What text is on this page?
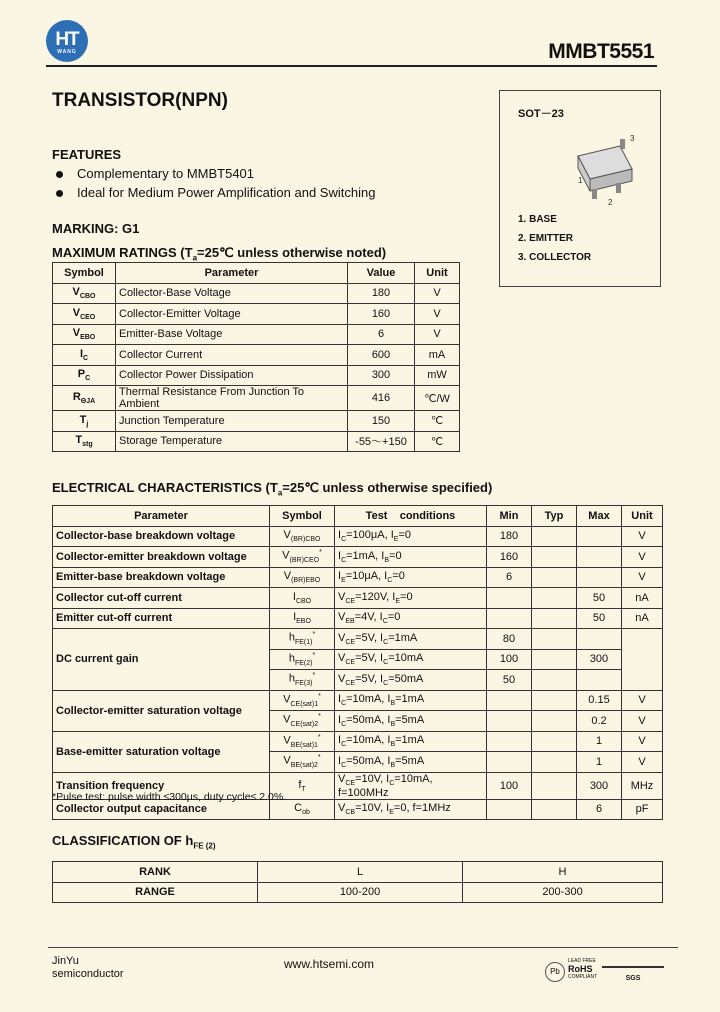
HT
WANG	MMBT5551
TRANSISTOR(NPN)
FEATURES
Complementary to MMBT5401
Ideal for Medium Power Amplification and Switching
MARKING: G1
SOT－23
3
2
1
1. BASE
2. EMITTER
3. COLLECTOR
MAXIMUM RATINGS ($T_a=25℃$ unless otherwise noted)
Symbol	Parameter	Value	Unit
$V_{CBO}$	Collector-Base Voltage	180	V
$V_{CEO}$	Collector-Emitter Voltage	160	V
$V_{EBO}$	Emitter-Base Voltage	6	V
$I_C$	Collector Current	600	mA
$P_C$	Collector Power Dissipation	300	mW
$R_{\Theta JA}$	Thermal Resistance From Junction To Ambient	416	℃/W
$T_j$	Junction Temperature	150	℃
$T_{stg}$	Storage Temperature	-55～+150	℃
ELECTRICAL CHARACTERISTICS ($T_a=25℃$ unless otherwise specified)
Parameter	Symbol	Test    conditions	Min	Typ	Max	Unit
Collector-base breakdown voltage	$V_{(BR)CBO}$	$I_C=100\mu A$, $I_E=0$	180			V
Collector-emitter breakdown voltage	$V_{(BR)CEO}^*$	$I_C=1mA$, $I_B=0$	160			V
Emitter-base breakdown voltage	$V_{(BR)EBO}$	$I_E=10\mu A$, $I_C=0$	6			V
Collector cut-off current	$I_{CBO}$	$V_{CE}=120V$, $I_E=0$			50	nA
Emitter cut-off current	$I_{EBO}$	$V_{EB}=4V$, $I_C=0$			50	nA
DC current gain	$h_{FE(1)}^*$	$V_{CE}=5V$, $I_C=1mA$	80			
	$h_{FE(2)}^*$	$V_{CE}=5V$, $I_C=10mA$	100		300	
	$h_{FE(3)}^*$	$V_{CE}=5V$, $I_C=50mA$	50			
Collector-emitter saturation voltage	$V_{CE(sat)1}^*$	$I_C=10mA$, $I_B=1mA$			0.15	V
	$V_{CE(sat)2}^*$	$I_C=50mA$, $I_B=5mA$			0.2	V
Base-emitter saturation voltage	$V_{BE(sat)1}^*$	$I_C=10mA$, $I_B=1mA$			1	V
	$V_{BE(sat)2}^*$	$I_C=50mA$, $I_B=5mA$			1	V
Transition frequency	$f_T$	$V_{CE}=10V$, $I_C=10mA$, f=100MHz	100		300	MHz
Collector output capacitance	$C_{ob}$	$V_{CB}=10V$, $I_E=0$, f=1MHz			6	pF
*Pulse test: pulse width ≤300μs, duty cycle≤ 2.0%.
CLASSIFICATION OF $h_{FE (2)}$
RANK	L	H
RANGE	100-200	200-300
JinYu
semiconductor
www.htsemi.com
Pb
LEAD FREE
RoHS
COMPLIANT	SGS
